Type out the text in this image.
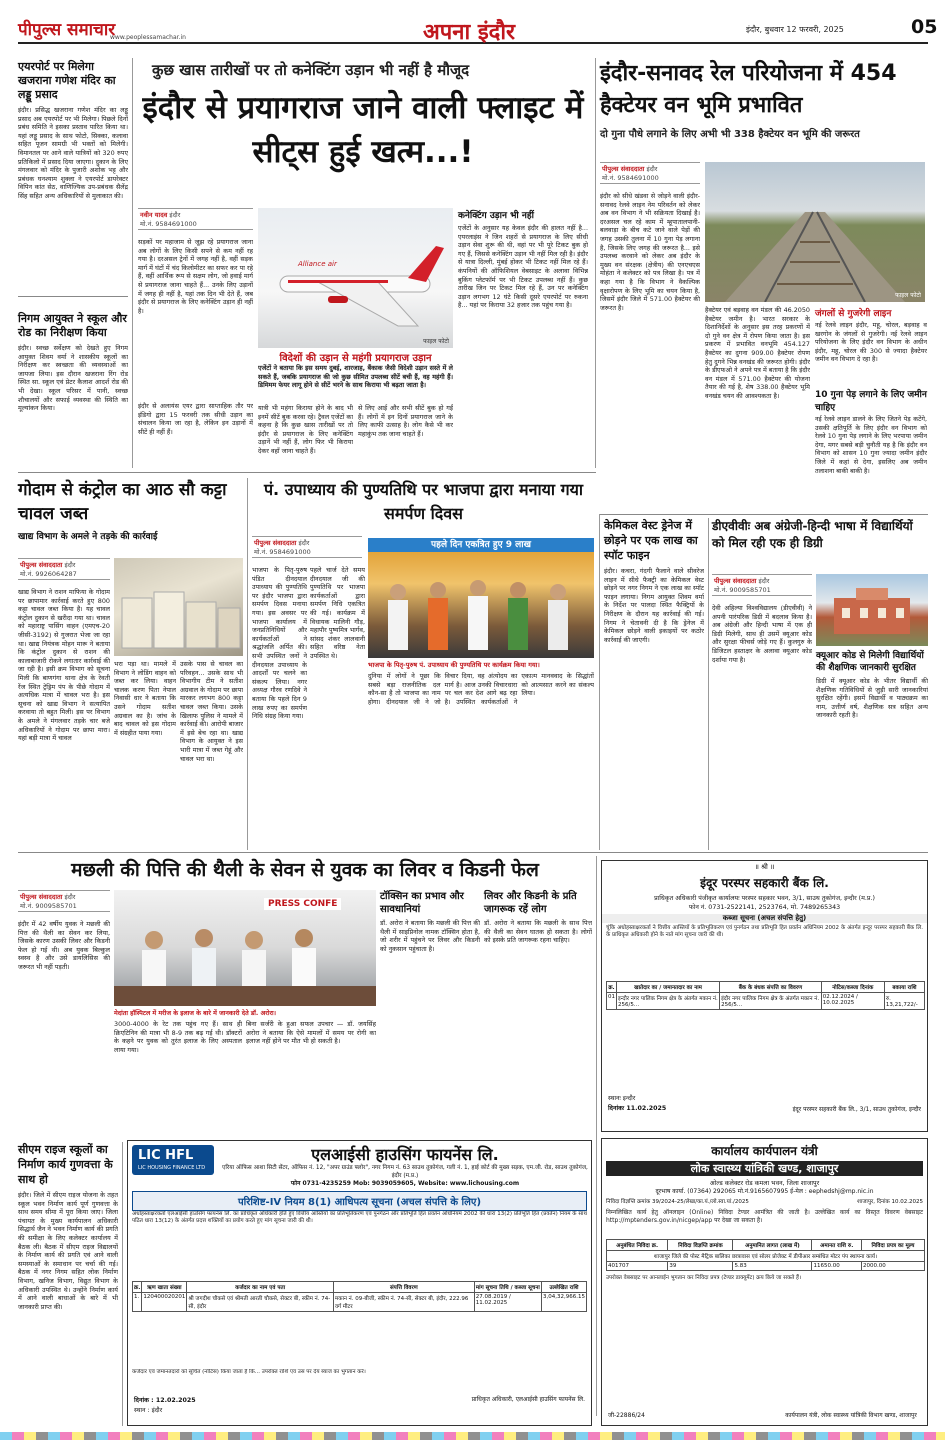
पीपुल्स समाचार
www.peoplessamachar.in	अपना इंदौर	इंदौर, बुधवार 12 फरवरी, 2025	05
एयरपोर्ट पर मिलेगा खजराना गणेश मंदिर का लड्डू प्रसाद
इंदौर। प्रसिद्ध खजराना गणेश मंदिर का लड्डू प्रसाद अब एयरपोर्ट पर भी मिलेगा। पिछले दिनों प्रबंध समिति ने इसका प्रस्ताव पारित किया था। यहां लड्डू प्रसाद के साथ फोटो, सिक्का, कलावा सहित पूजन सामग्री भी भक्तों को मिलेगी। विमानतल पर आने वाले यात्रियों को 320 रुपए प्रतिकिलो में प्रसाद दिया जाएगा। दुकान के लिए मंगलवार को मंदिर के पुजारी अशोक भट्ट और प्रबंधक घनश्याम शुक्ला ने एयरपोर्ट डायरेक्टर विपिन कांत सेठ, वाणिज्यिक उप-प्रबंधक सैलेंद्र सिंह सहित अन्य अधिकारियों से मुलाकात की।
निगम आयुक्त ने स्कूल और रोड का निरीक्षण किया
इंदौर। स्वच्छ सर्वेक्षण को देखते हुए निगम आयुक्त शिवम वर्मा ने शासकीय स्कूलों का निरीक्षण कर स्वच्छता की व्यवस्थाओं का जायजा लिया। इस दौरान खजराना रिंग रोड स्थित सा. स्कूल एवं प्रेटर कैलाश आदर्श रोड की भी देखा। स्कूल परिसर में पानी, स्वच्छ शौचालयों और सफाई व्यवस्था की स्थिति का मूल्यांकन किया।
कुछ खास तारीखों पर तो कनेक्टिंग उड़ान भी नहीं है मौजूद
इंदौर से प्रयागराज जाने वाली फ्लाइट में सीट्स हुई खत्म...!
नवीन यादव इंदौर
मो.नं. 9584691000
सड़कों पर महाजाम से जूझ रहे प्रयागराज जाना अब लोगों के लिए किसी सपने से कम नहीं रह गया है। दरअसल ट्रेनों में जगह नहीं है, वहीं सड़क मार्ग में घंटों में चंद किलोमीटर का सफर कर पा रहे हैं, वहीं आर्थिक रूप से सक्षम लोग, जो हवाई मार्ग से प्रयागराज जाना चाहते हैं... उनके लिए उड़ानों में जगह ही नहीं है, यहां तक दिन भी देते हैं, जब इंदौर से प्रयागराज के लिए कनेक्टिंग उड़ान ही नहीं है।
इंदौर से अलायंस एयर द्वारा साप्ताहिक तौर पर इंडिगो द्वारा 15 फरवरी तक सीधी उड़ान का संचालन किया जा रहा है, लेकिन इन उड़ानों में सीटें ही नहीं हैं।
Alliance air
फाइल फोटो
विदेशों की उड़ान से महंगी प्रयागराज उड़ान
एजेंटों ने बताया कि इस समय दुबई, शारजाह, बैंकाक जैसी विदेशी उड़ान सस्ते में ले सकते हैं, जबकि प्रयागराज की जो कुछ सीमित उपलब्ध सीटें बची हैं, वह महंगी हैं। डिमिमम फेयर लागू होने से सीटें भरने के साथ किराया भी बढ़ता जाता है।
यात्री भी महंगा किराया होने के बाद भी इनमें सीटें बुक करवा रहे। ट्रैवल एजेंटों का कहना है कि कुछ खास तारीखों पर तो इंदौर से प्रयागराज के लिए कनेक्टिंग उड़ानें भी नहीं हैं, लोग फिर भी किराया देकर वहाँ जाना चाहते हैं।
से लिए आई और सभी सीटें बुक हो गईं हैं। लोगों में इन दिनों प्रयागराज जाने के लिए काफी उत्साह है। लोग कैसे भी कर महाकुंभ तक जाना चाहते हैं।
कनेक्टिंग उड़ान भी नहीं
एजेंटों के अनुसार यह केवल इंदौर की हालत नहीं है... एयरलाइंस ने जिन शहरों से प्रयागराज के लिए सीधी उड़ान सेवा शुरू की थी, वहां पर भी पूरे टिकट बुक हो गए हैं, जिससे कनेक्टिंग उड़ान भी नहीं मिल रही है। इंदौर से यात्रा दिल्ली, मुंबई होकर भी टिकट नहीं मिल रहे हैं। कंपनियों की ऑफिशियल वेबसाइट के अलावा विभिन्न बुकिंग प्लेटफॉर्म पर भी टिकट उपलब्ध नहीं हैं। कुछ तारीख जिन पर टिकट मिल रहे हैं, उन पर कनेक्टिंग उड़ान लगभग 12 घंटे किसी दूसरे एयरपोर्ट पर रुकना है... यहां पर किराया 32 हजार तक पहुंच गया है।
इंदौर-सनावद रेल परियोजना में 454 हैक्टेयर वन भूमि प्रभावित
दो गुना पौधे लगाने के लिए अभी भी 338 हैक्टेयर वन भूमि की जरूरत
पीपुल्स संवाददाता इंदौर
मो.नं. 9584691000
इंदौर को सीधे खंडवा से जोड़ने वाली इंदौर-सनावद रेलवे लाइन नेम परिवर्तन को लेकर अब वन विभाग ने भी सक्रियता दिखाई है। दरअसल चल रहे काम में म्हूपातालपानी-बलवाड़ा के बीच कटे जाने वाले पेड़ों की जगह उसकी तुलना में 10 गुना पेड़ लगाना है, जिसके लिए जगह की जरूरत है... इसे उपलब्ध करवाने को लेकर अब इंदौर के मुख्य वन संरक्षक (क्षेत्रीय) की एनएचएस मोहंता ने कलेक्टर को पत्र लिखा है। पत्र में कहा गया है कि विभाग ने वैकल्पिक वृक्षारोपण के लिए भूमि का चयन किया है, जिसमें इंदौर जिले में 571.00 हैक्टेयर की जरूरत है।
फाइल फोटो
हैक्टेयर एवं बड़वाह वन मंडल की 46.2050 हैक्टेयर जमीन है। भारत सरकार के दिशानिर्देशों के अनुसार इस तरह प्रकरणों में दो गुने वन क्षेत्र में रोपण किया जाता है। इस प्रकरण में प्रभावित वनभूमि 454.127 हैक्टेयर का दुगना 909.00 हैक्टेयर रोपण हेतु दुगने भिन्न वनखंड की जरूरत होगी। इंदौर के डीएफओ ने अपने पत्र में बताया है कि इंदौर वन मंडल में 571.00 हैक्टेयर की योजना तैयार की गई है, शेष 338.00 हैक्टेयर भूमि वनखंड चयन की आवश्यकता है।
जंगलों से गुजरेगी लाइन
नई रेलवे लाइन इंदौर, महू, चोरल, बड़वाह व खरगोन के जंगलों से गुजरेगी। नई रेलवे लाइन परियोजना के लिए इंदौर वन विभाग के अधीन इंदौर, महू, चोरल की 300 से ज्यादा हैक्टेयर जमीन वन विभाग दे रहा है।
10 गुना पेड़ लगाने के लिए जमीन चाहिए
नई रेलवे लाइन डालने के लिए जितने पेड़ कटेंगे, उसकी क्षतिपूर्ति के लिए इंदौर वन विभाग को रेलवे 10 गुना पेड़ लगाने के लिए भरपाया जमीन देगा, मगर सबसे बड़ी चुनौती यह है कि इंदौर वन विभाग को शासन 10 गुना ज्यादा जमीन इंदौर जिले में कहां से देगा, इसलिए अब जमीन तलाशना बाकी बाकी है।
गोदाम से कंट्रोल का आठ सौ कट्टा चावल जब्त
खाद्य विभाग के अमले ने तड़के की कार्रवाई
पीपुल्स संवाददाता इंदौर
मो.नं. 9926064287
खाद्य विभाग ने राशन माफिया के गोदाम पर छापामार कार्रवाई करते हुए 800 कट्टा चावल जब्त किया है। यह चावल कंट्रोल दुकान से खरीदा गया था। चावल को महाराष्ट्र पासिंग वाहन (एमएच-20 जीसी-3192) से गुजरात भेजा जा रहा था। खाद्य नियंत्रक मोहन मारू ने बताया कि कंट्रोल दुकान से राशन की कालाबाजारी रोकने लगातार कार्रवाई की जा रही है। इसी क्रम विभाग को सूचना मिली कि बाणगंगा थाना क्षेत्र के रेवती रेंज स्थित ट्रेड्रिम पंप के पीछे गोदाम में अत्यधिक मात्रा में चावल भरा है। इस सूचना को खाद्य विभाग ने सत्यापित करवाया तो बहुत मिली। इस पर विभाग के अमले ने मंगलवार तड़के चार बजे अधिकारियों ने गोदाम पर छापा मारा। यहां बड़ी मात्रा में चावल
भरा पड़ा था। मामले में विभाग ने लोडिंग वाहन को जब्त कर लिया। वाहन चालक करण पिता नेपाल निवासी धार ने बताया कि उसने गोदाम सतीश अग्रवाल का है। जांच के बाद चावल को इस गोदाम में संग्रहीत पाया गया।
उसके पास से चावल का परिवहन... उसके साथ भी विभागीय टीम ने सतीश अग्रवाल के गोदाम पर छापा मारकर लगभग 800 कट्टा चावल जब्त किया। उसके खिलाफ पुलिस ने मामले में कार्रवाई की। आरोपी बाजार में इसे बेच रहा था। खाद्य विभाग के आयुक्त ने इस भारी मात्रा में जब्त गेहूं और चावल भरा था।
पं. उपाध्याय की पुण्यतिथि पर भाजपा द्वारा मनाया गया समर्पण दिवस
पीपुल्स संवाददाता इंदौर
मो.नं. 9584691000
भाजपा के पितृ-पुरुष पंडित दीनदयाल उपाध्याय की पुण्यतिथि पर इंदौर भाजपा द्वारा समर्पण दिवस मनाया गया। इस अवसर पर भाजपा कार्यालय में जनप्रतिनिधियों और कार्यकर्ताओं ने श्रद्धांजलि अर्पित की। सभी उपस्थित जनों ने दीनदयाल उपाध्याय के आदर्शों पर चलने का संकल्प लिया। नगर अध्यक्ष गौरव रणदिवे ने बताया कि पहले दिन 9 लाख रुपए का समर्पण निधि संग्रह किया गया।
पहले चार्ज देते समय दीनदयाल जी की पुण्यतिथि पर भाजपा कार्यकर्ताओं द्वारा समर्पण निधि एकत्रित की गई। कार्यक्रम में विधायक मालिनी गौड़, महापौर पुष्यमित्र भार्गव, सांसद शंकर लालवानी सहित वरिष्ठ नेता उपस्थित थे।
पहले दिन एकत्रित हुए 9 लाख
भाजपा के पितृ-पुरुष पं. उपाध्याय की पुण्यतिथि पर कार्यक्रम किया गया।
दुनिया में लोगों ने पूछा कि सबसे बड़ा राजनीतिक दल कौन-सा है तो भाजपा का नाम होगा। दीनदयाल जी ने जो विचार दिया, वह अंत्योदय का मार्ग है। आज उनकी विचारधारा पर चल कर देश आगे बढ़ रहा है। उपस्थित कार्यकर्ताओं ने एकात्म मानववाद के सिद्धांतों को आत्मसात करने का संकल्प लिया।
केमिकल वेस्ट ड्रेनेज में छोड़ने पर एक लाख का स्पॉट फाइन
इंदौर। कचरा, गंदगी फैलाने वाले सीवरेज लाइन में सीधे फैक्ट्री का केमिकल वेस्ट छोड़ने पर नगर निगम ने एक लाख का स्पॉट फाइन लगाया। निगम आयुक्त शिवम वर्मा के निर्देश पर पालदा स्थित फैक्ट्रियों के निरीक्षण के दौरान यह कार्रवाई की गई। निगम ने चेतावनी दी है कि ड्रेनेज में केमिकल छोड़ने वाली इकाइयों पर कठोर कार्रवाई की जाएगी।
डीएवीवीः अब अंग्रेजी-हिन्दी भाषा में विद्यार्थियों को मिल रही एक ही डिग्री
पीपुल्स संवाददाता इंदौर
मो.नं. 9009585701
देवी अहिल्या विश्वविद्यालय (डीएवीवी) ने अपनी पारंपरिक डिग्री में बदलाव किया है। अब अंग्रेजी और हिन्दी भाषा में एक ही डिग्री मिलेगी, साथ ही उसमें क्यूआर कोड और सुरक्षा फीचर्स जोड़े गए हैं। कुलगुरु के डिजिटल हस्ताक्षर के अलावा क्यूआर कोड दर्शाया गया है।	क्यूआर कोड से मिलेगी विद्यार्थियों की शैक्षणिक जानकारी सुरक्षित
डिग्री में क्यूआर कोड के भीतर विद्यार्थी की शैक्षणिक गतिविधियों से जुड़ी सारी जानकारियां सुरक्षित रहेंगी। इसमें विद्यार्थी व पाठ्यक्रम का नाम, उत्तीर्ण वर्ष, शैक्षणिक सत्र सहित अन्य जानकारी रहती है।
मछली की पित्ति की थैली के सेवन से युवक का लिवर व किडनी फेल
पीपुल्स संवाददाता इंदौर
मो.नं. 9009585701
इंदौर में 42 वर्षीय युवक ने मछली की पित्त की थैली का सेवन कर लिया, जिसके कारण उसकी लिवर और किडनी फेल हो गई थी। अब युवक बिल्कुल स्वस्थ है और उसे डायलिसिस की जरूरत भी नहीं पड़ती।
PRESS CONFE
मेदांता हॉस्पिटल में मरीज के इलाज के बारे में जानकारी देते डॉ. अरोरा।
3000-4000 के रेट तक पहुंच गए हैं। साथ ही क्रिएटिनिन की मात्रा भी 8-9 तक बढ़ गई थी। डॉक्टरों के कहने पर युवक को तुरंत इलाज के लिए अस्पताल लाया गया।
बिना सर्जरी के हुआ सफल उपचार — डॉ. जयसिंह अरोरा ने बताया कि ऐसे मामलों में समय पर रोगी का इलाज नहीं होने पर मौत भी हो सकती है।
टॉक्सिन का प्रभाव और सावधानियां
डॉ. अरोरा ने बताया कि मछली की पित्त की थैली में साइप्रिनोल नामक टॉक्सिन होता है, जो शरीर में पहुंचने पर लिवर और किडनी को नुकसान पहुंचाता है।
लिवर और किडनी के प्रति जागरूक रहें लोग
डॉ. अरोरा ने बताया कि मछली के साथ पित्त की थैली का सेवन घातक हो सकता है। लोगों को इसके प्रति जागरूक रहना चाहिए।
॥ श्री ॥
इंदूर परस्पर सहकारी बैंक लि.
प्राधिकृत अधिकारी पंजीकृत कार्यालयः परस्पर सहकार भवन, 3/1, साउथ तुकोगंज, इन्दौर (म.प्र.)
फोन नं. 0731-2522141, 2523764, मो. 7489265343
कब्जा सूचना (अचल संपत्ति हेतु)
चूंकि अधोहस्ताक्षरकर्ता ने वित्तीय आस्तियों के प्रतिभूतिकरण एवं पुनर्गठन तथा प्रतिभूति हित प्रवर्तन अधिनियम 2002 के अंतर्गत इन्दूर परस्पर सहकारी बैंक लि. के प्राधिकृत अधिकारी होने के नाते मांग सूचना जारी की थी।
क्र.	खातेदार का / जमानतदार का नाम	बैंक के बंधक संपत्ति का विवरण	नोटिस/कब्जा दिनांक	बकाया राशि
01	इन्दौर नगर पालिक निगम क्षेत्र के अंतर्गत मकान नं. 256/5...	इंदौर नगर पालिक निगम क्षेत्र के अंतर्गत मकान नं. 256/5...	02.12.2024 / 10.02.2025	रु. 13,21,722/-
स्थानः इन्दौर
दिनांकः 11.02.2025	इंदूर परस्पर सहकारी बैंक लि., 3/1, साउथ तुकोगंज, इन्दौर
सीएम राइज स्कूलों का निर्माण कार्य गुणवत्ता के साथ हो
इंदौर। जिले में सीएम राइज योजना के तहत स्कूल भवन निर्माण कार्य पूर्ण गुणवत्ता के साथ समय सीमा में पूरा किया जाए। जिला पंचायत के मुख्य कार्यपालन अधिकारी सिद्धार्थ जैन ने भवन निर्माण कार्य की प्रगति की समीक्षा के लिए कलेक्टर कार्यालय में बैठक ली। बैठक में सीएम राइज विद्यालयों के निर्माण कार्य की प्रगति एवं आने वाली समस्याओं के समाधान पर चर्चा की गई। बैठक में नगर निगम सहित लोक निर्माण विभाग, खनिज विभाग, विद्युत विभाग के अधिकारी उपस्थित थे। उन्होंने निर्माण कार्य में आने वाली बाधाओं के बारे में भी जानकारी प्राप्त की।
LIC HFL
LIC HOUSING FINANCE LTD
एलआईसी हाउसिंग फायनेंस लि.
एरिया ऑफिस आशा सिटी सेंटर, ऑफिस नं. 12, "अपर ग्राउंड फ्लोर", नगर निगम नं. 63 साउथ तुकोगंज, गली नं. 1, हाई कोर्ट की मुख्य सड़क, एम.जी. रोड, साउथ तुकोगंज, इंदौर (म.प्र.)
फोन 0731-4235259 Mob: 9039059605, Website: www.lichousing.com
परिशिष्ट-IV नियम 8(1) आधिपत्य सूचना (अचल संपत्ति के लिए)
अधोहस्ताक्षरकर्ता एलआईसी हाउसिंग फायनेंस लि. का प्राधिकृत अधिकारी होते हुए वित्तीय आस्तियों का प्रतिभूतिकरण एवं पुनर्गठन और प्रतिभूति हित प्रवर्तन अधिनियम 2002 की धारा 13(2) प्रतिभूति हित (प्रवर्तन) नियम के साथ पठित धारा 13(12) के अंतर्गत प्रदत्त शक्तियों का प्रयोग करते हुए मांग सूचना जारी की थी।
क्र.	ऋण खाता संख्या	कर्जदार का नाम एवं पता	संपत्ति विवरण	मांग सूचना तिथि / कब्जा सूचना	उल्लेखित राशि
1.	120400020201	श्री जगदीश चौकसे एवं श्रीमती आरती चौकसे, सेक्टर बी, स्कीम नं. 74-सी, इंदौर	मकान नं. 09-बीजी, स्कीम नं. 74-सी, सेक्टर बी, इंदौर, 222.96 वर्ग मीटर	27.08.2019 / 11.02.2025	3,04,32,966.15
कर्जदार एवं जमानतदारों को सूचित (नोटिस) किया जाता है कि... उपरोक्त राशि एवं उस पर देय ब्याज का भुगतान करें।
दिनांक : 12.02.2025
स्थान : इंदौर
प्राधिकृत अधिकारी, एलआईसी हाउसिंग फायनेंस लि.
कार्यालय कार्यपालन यंत्री
लोक स्वास्थ्य यांत्रिकी खण्ड, शाजापुर
ओल्ड कलेक्टर रोड कमला भवन, जिला शाजापुर
दूरभाष कार्या. (07364) 292065 मो.नं.9165607995 ई-मेल : eephedshj@mp.nic.in
निविदा विज्ञप्ति क्रमांक 39/2024-25/लेखा/का.यं./लो.स्वा.यां./2025	शाजापुर, दिनांक 10.02.2025
निम्नलिखित कार्य हेतु ऑनलाइन (Online) निविदा टेण्डर आमंत्रित की जाती है। उल्लेखित कार्य का विस्तृत विवरण वेबसाइट http://mptenders.gov.in/nicgep/app पर देखा जा सकता है।
अनुबंधित निविदा क्र.	निविदा विज्ञप्ति क्रमांक	अनुमानित लागत (लाख में)	अमानत राशि रु.	निविदा प्रपत्र का मूल्य
शाजापुर जिले की पोस्ट मैट्रिक बालिका छात्रावास एवं सोलर प्रोजेक्ट में डीपीआर सम्बंधित मोटर पंप स्थापना कार्य।				
401707	39	5.83	11650.00	2000.00
उपरोक्त वेबसाइट पर आनलाईन भुगतान कर निविदा प्रपत्र (टेण्डर डाक्यूमेंट) क्रय किये जा सकते हैं।
जी-22886/24	कार्यपालन यंत्री, लोक स्वास्थ्य यांत्रिकी विभाग खण्ड, शाजापुर
